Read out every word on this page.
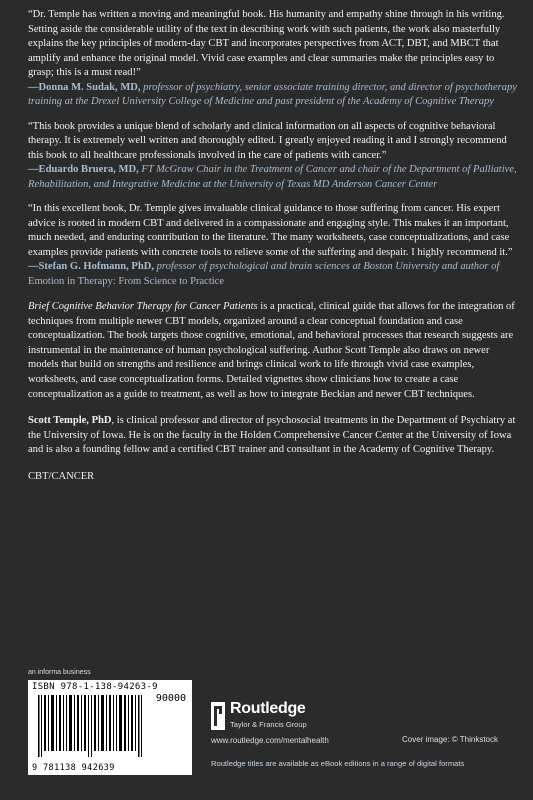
“Dr. Temple has written a moving and meaningful book. His humanity and empathy shine through in his writing. Setting aside the considerable utility of the text in describing work with such patients, the work also masterfully explains the key principles of modern-day CBT and incorporates perspectives from ACT, DBT, and MBCT that amplify and enhance the original model. Vivid case examples and clear summaries make the principles easy to grasp; this is a must read!”

—Donna M. Sudak, MD, professor of psychiatry, senior associate training director, and director of psychotherapy training at the Drexel University College of Medicine and past president of the Academy of Cognitive Therapy

“This book provides a unique blend of scholarly and clinical information on all aspects of cognitive behavioral therapy. It is extremely well written and thoroughly edited. I greatly enjoyed reading it and I strongly recommend this book to all healthcare professionals involved in the care of patients with cancer.”

—Eduardo Bruera, MD, FT McGraw Chair in the Treatment of Cancer and chair of the Department of Palliative, Rehabilitation, and Integrative Medicine at the University of Texas MD Anderson Cancer Center

“In this excellent book, Dr. Temple gives invaluable clinical guidance to those suffering from cancer. His expert advice is rooted in modern CBT and delivered in a compassionate and engaging style. This makes it an important, much needed, and enduring contribution to the literature. The many worksheets, case conceptualizations, and case examples provide patients with concrete tools to relieve some of the suffering and despair. I highly recommend it.”

—Stefan G. Hofmann, PhD, professor of psychological and brain sciences at Boston University and author of Emotion in Therapy: From Science to Practice
Brief Cognitive Behavior Therapy for Cancer Patients is a practical, clinical guide that allows for the integration of techniques from multiple newer CBT models, organized around a clear conceptual foundation and case conceptualization. The book targets those cognitive, emotional, and behavioral processes that research suggests are instrumental in the maintenance of human psychological suffering. Author Scott Temple also draws on newer models that build on strengths and resilience and brings clinical work to life through vivid case examples, worksheets, and case conceptualization forms. Detailed vignettes show clinicians how to create a case conceptualization as a guide to treatment, as well as how to integrate Beckian and newer CBT techniques.
Scott Temple, PhD, is clinical professor and director of psychosocial treatments in the Department of Psychiatry at the University of Iowa. He is on the faculty in the Holden Comprehensive Cancer Center at the University of Iowa and is also a founding fellow and a certified CBT trainer and consultant in the Academy of Cognitive Therapy.
CBT/CANCER
an informa business
ISBN 978-1-138-94263-9
90000
9 781138 942639
Routledge
Taylor & Francis Group
www.routledge.com/mentalhealth	Cover image: © Thinkstock
Routledge titles are available as eBook editions in a range of digital formats
